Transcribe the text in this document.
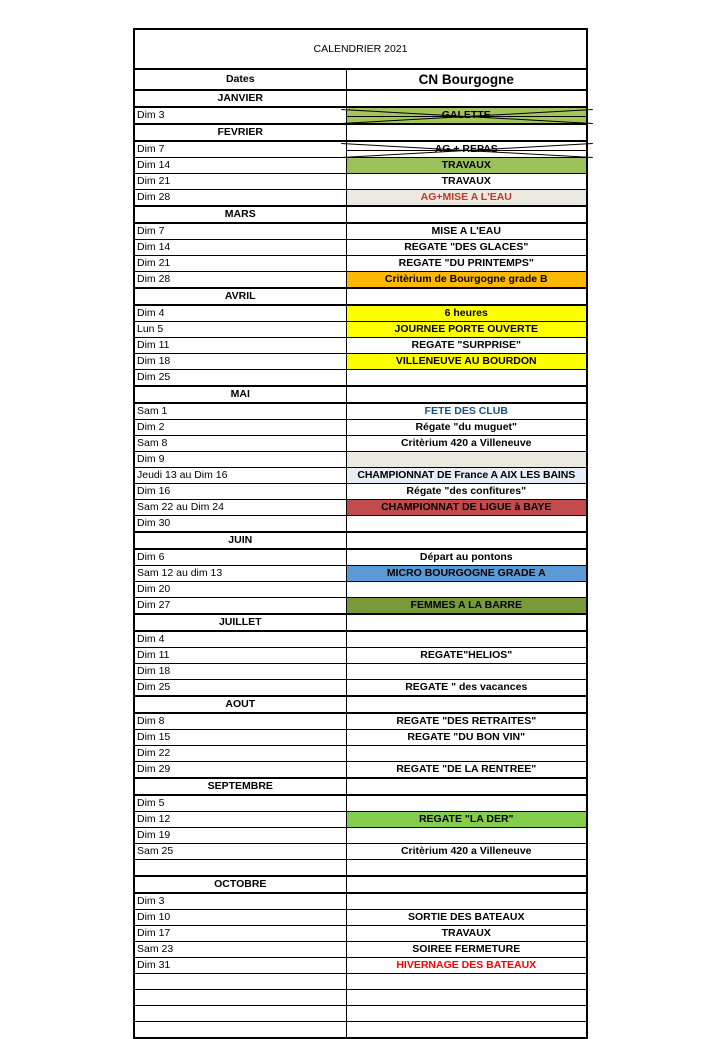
CALENDRIER 2021	
Dates	CN Bourgogne
JANVIER	
Dim 3	GALETTE

FEVRIER	
Dim 7	AG + REPAS

Dim 14	TRAVAUX

Dim 21	TRAVAUX

Dim 28	AG+MISE A L'EAU

MARS	
Dim 7	MISE A L'EAU

Dim 14	REGATE "DES GLACES"

Dim 21	REGATE "DU PRINTEMPS"

Dim 28	Critèrium de Bourgogne grade B

AVRIL	
Dim 4	6 heures

Lun 5	JOURNEE PORTE OUVERTE

Dim 11	REGATE "SURPRISE"

Dim 18	VILLENEUVE AU BOURDON

Dim 25	

MAI	
Sam 1	FETE DES CLUB

Dim 2	Régate "du muguet"

Sam 8	Critèrium 420 a Villeneuve

Dim 9	

Jeudi 13 au Dim 16	CHAMPIONNAT DE France A AIX LES BAINS

Dim 16	Régate "des confitures"

Sam 22 au Dim 24	CHAMPIONNAT DE LIGUE à BAYE

Dim 30	

JUIN	
Dim 6	Départ au pontons

Sam 12 au dim 13	MICRO BOURGOGNE GRADE A

Dim 20	

Dim 27	FEMMES A LA BARRE

JUILLET	
Dim 4	

Dim 11	REGATE"HELIOS"

Dim 18	

Dim 25	REGATE " des vacances

AOUT	
Dim 8	REGATE "DES RETRAITES"

Dim 15	REGATE "DU BON VIN"

Dim 22	

Dim 29	REGATE "DE LA RENTREE"

SEPTEMBRE	
Dim 5	

Dim 12	REGATE "LA DER"

Dim 19	

Sam 25	Critèrium 420 a Villeneuve

OCTOBRE	
Dim 3	

Dim 10	SORTIE DES BATEAUX

Dim 17	TRAVAUX

Sam 23	SOIREE FERMETURE

Dim 31	HIVERNAGE DES BATEAUX
